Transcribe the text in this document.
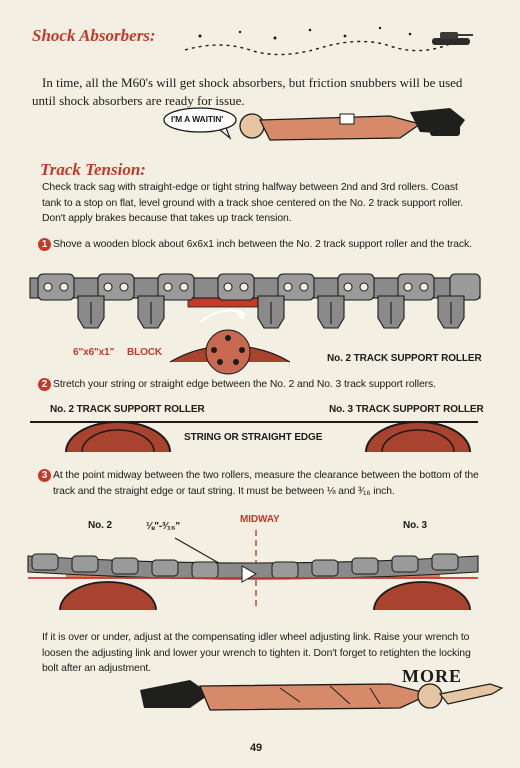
Shock Absorbers:
In time, all the M60's will get shock absorbers, but friction snubbers will be used until shock absorbers are ready for issue.
I'M A WAITIN'
Track Tension:
Check track sag with straight-edge or tight string halfway between 2nd and 3rd rollers. Coast tank to a stop on flat, level ground with a track shoe centered on the No. 2 track support roller. Don't apply brakes because that takes up track tension.
1 Shove a wooden block about 6x6x1 inch between the No. 2 track support roller and the track.
6"x6"x1" BLOCK
No. 2 TRACK SUPPORT ROLLER
2 Stretch your string or straight edge between the No. 2 and No. 3 track support rollers.
No. 2 TRACK SUPPORT ROLLER	No. 3 TRACK SUPPORT ROLLER
STRING OR STRAIGHT EDGE
3 At the point midway between the two rollers, measure the clearance between the bottom of the track and the straight edge or taut string. It must be between ⅛ and ³⁄₁₆ inch.
MIDWAY
No. 2	No. 3
⅛"-³⁄₁₆"
If it is over or under, adjust at the compensating idler wheel adjusting link. Raise your wrench to loosen the adjusting link and lower your wrench to tighten it. Don't forget to retighten the locking bolt after an adjustment.	MORE
49
